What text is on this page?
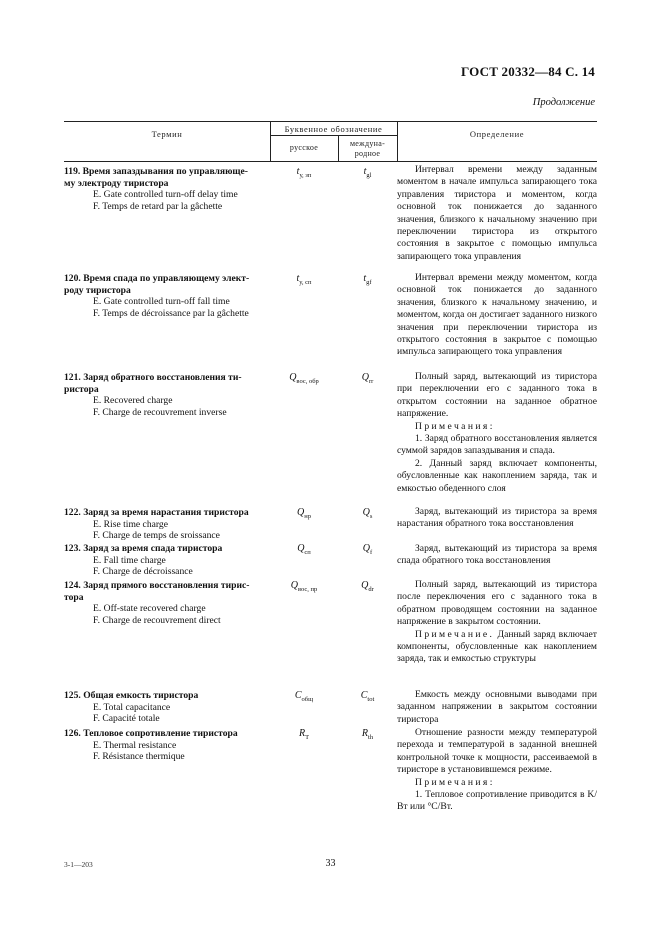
ГОСТ 20332—84 С. 14
Продолжение
Термин	Буквенное обозначение
русское	междуна-
родное
Определение
119. Время запаздывания по управляюще-
му электроду тиристора
E. Gate controlled turn-off delay time
F. Temps de retard par la gâchette
$t_{у, зп}$	$t_{gl}$

Интервал времени между заданным моментом в начале импульса запирающего тока управления тиристора и моментом, когда основной ток понижается до заданного значения, близкого к начальному значению при переключении тиристора из открытого состояния в закрытое с помощью импульса запирающего тока управления

120. Время спада по управляющему элект-
роду тиристора
E. Gate controlled turn-off fall time
F. Temps de décroissance par la gâchette
$t_{у, сп}$	$t_{gf}$	Интервал времени между моментом, когда основной ток понижается до заданного значения, близкого к начальному значению, и моментом, когда он достигает заданного низкого значения при переключении тиристора из открытого состояния в закрытое с помощью импульса запирающего тока управления

121. Заряд обратного восстановления ти-
ристора
E. Recovered charge
F. Charge de recouvrement inverse
$Q_{вос, обр}$	$Q_{rr}$	Полный заряд, вытекающий из тиристора при переключении его с заданного тока в открытом состоянии на заданное обратное напряжение.

Примечания:

1. Заряд обратного восстановления является суммой зарядов запаздывания и спада.

2. Данный заряд включает компоненты, обусловленные как накоплением заряда, так и емкостью обеденного слоя

122. Заряд за время нарастания тиристора
E. Rise time charge
F. Charge de temps de sroissance
$Q_{нр}$	$Q_s$	Заряд, вытекающий из тиристора за время нарастания обратного тока восстановления

123. Заряд за время спада тиристора
E. Fall time charge
F. Charge de décroissance
$Q_{сп}$	$Q_f$	Заряд, вытекающий из тиристора за время спада обратного тока восстановления

124. Заряд прямого восстановления тирис-
тора
E. Off-state recovered charge
F. Charge de recouvrement direct
$Q_{вос, пр}$	$Q_{dr}$	Полный заряд, вытекающий из тиристора после переключения его с заданного тока в обратном проводящем состоянии на заданное напряжение в закрытом состоянии.

Примечание. Данный заряд включает компоненты, обусловленные как накоплением заряда, так и емкостью структуры

125. Общая емкость тиристора
E. Total capacitance
F. Capacité totale
$C_{общ}$	$C_{tot}$	Емкость между основными выводами при заданном напряжении в закрытом состоянии тиристора

126. Тепловое сопротивление тиристора
E. Thermal resistance
F. Résistance thermique
$R_Т$	$R_{th}$	Отношение разности между температурой перехода и температурой в заданной внешней контрольной точке к мощности, рассеиваемой в тиристоре в установившемся режиме.

Примечания:

1. Тепловое сопротивление приводится в K/Вт или °C/Вт.

3-1—203	33
